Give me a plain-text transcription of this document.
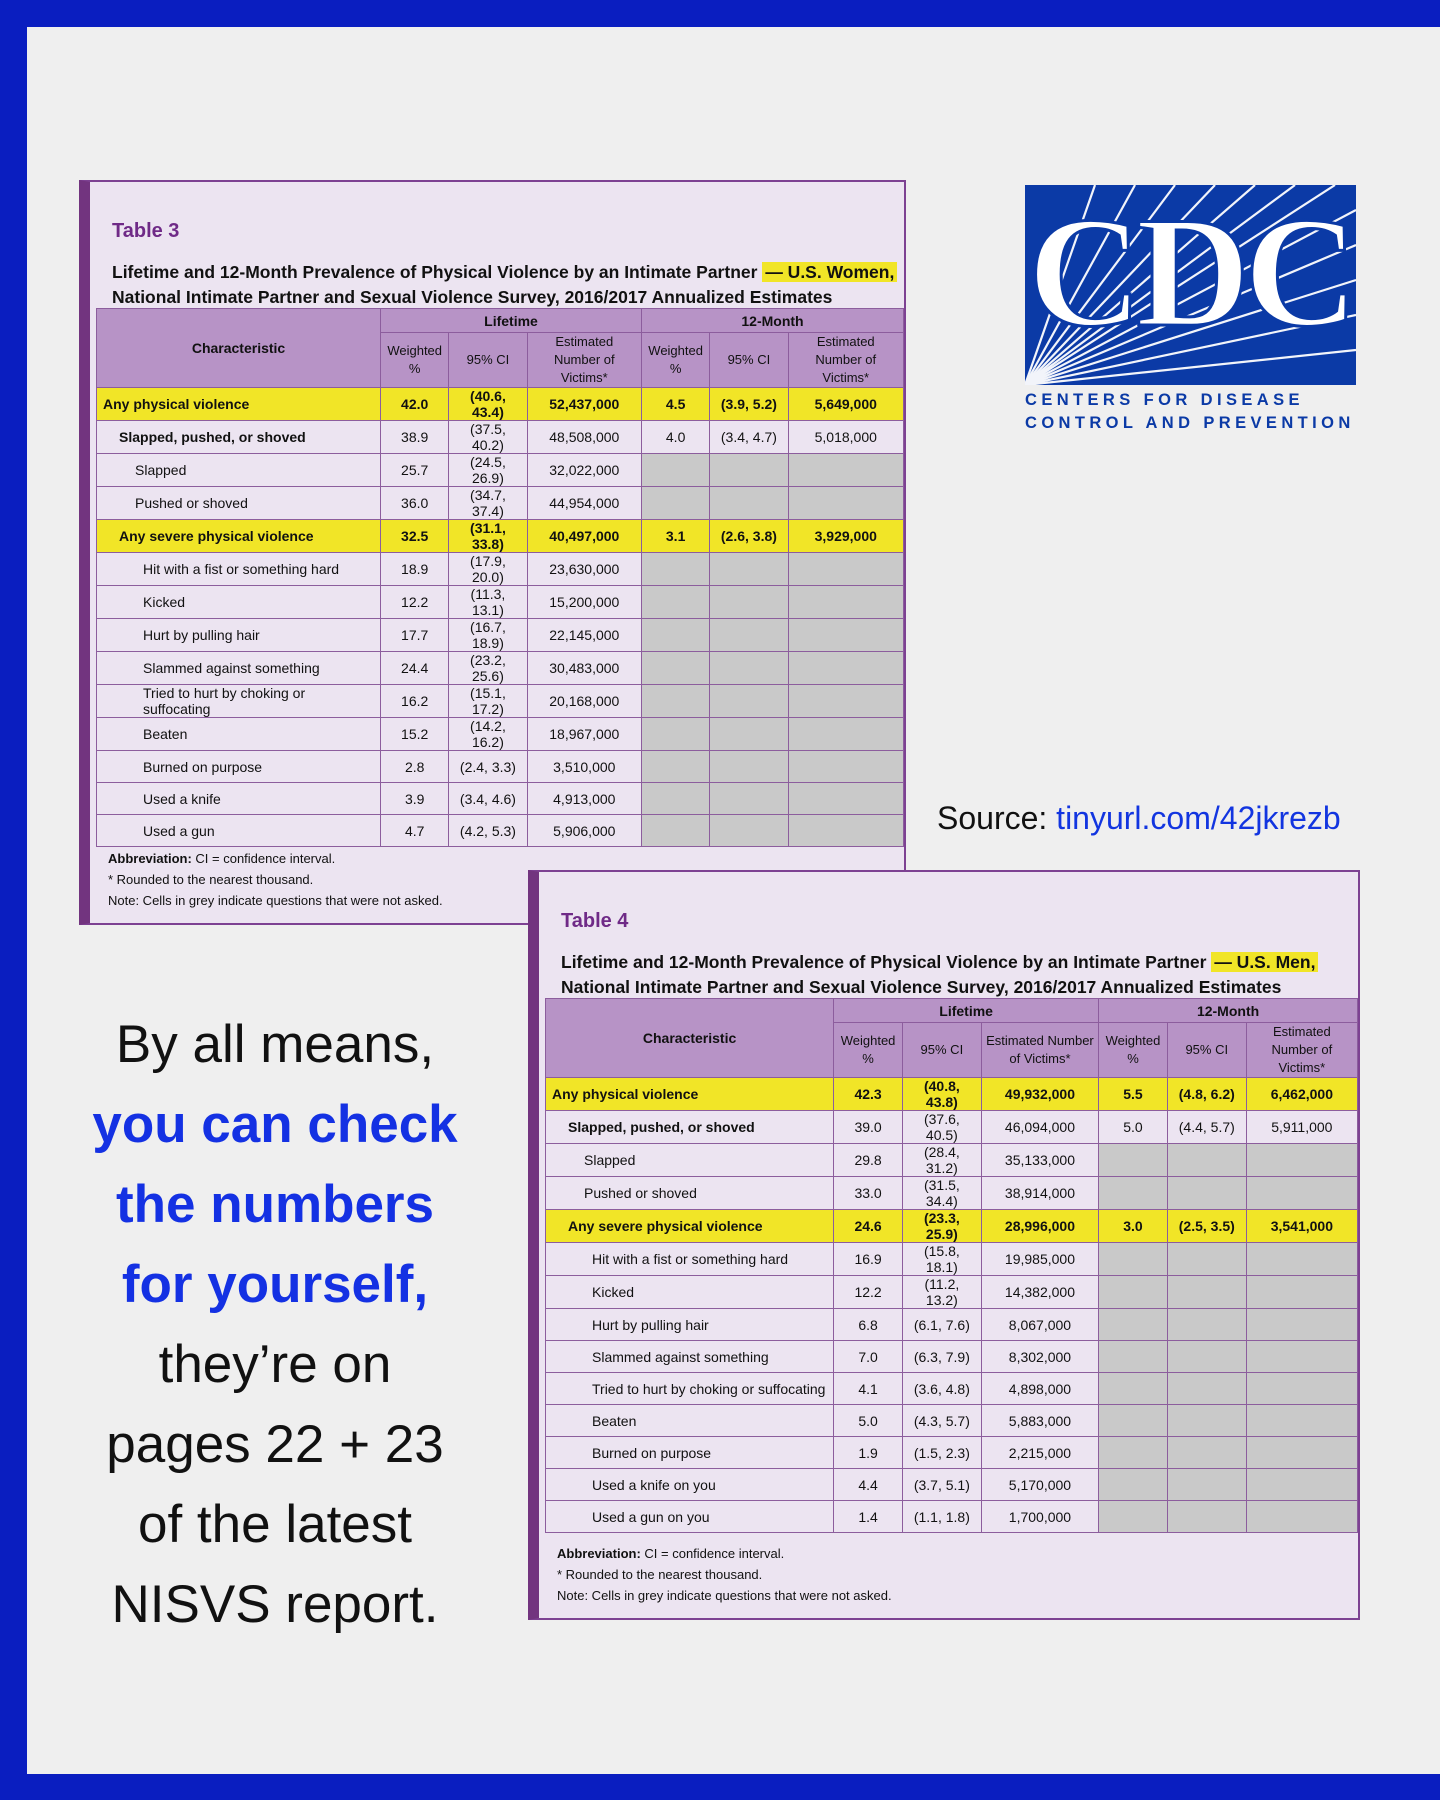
Table 3
Lifetime and 12-Month Prevalence of Physical Violence by an Intimate Partner — U.S. Women,
National Intimate Partner and Sexual Violence Survey, 2016/2017 Annualized Estimates
Characteristic	Lifetime			12-Month		
	Weighted %	95% CI	Estimated Number of Victims*	Weighted %	95% CI	Estimated Number of Victims*
Any physical violence	42.0	(40.6, 43.4)	52,437,000	4.5	(3.9, 5.2)	5,649,000
Slapped, pushed, or shoved	38.9	(37.5, 40.2)	48,508,000	4.0	(3.4, 4.7)	5,018,000
Slapped	25.7	(24.5, 26.9)	32,022,000			
Pushed or shoved	36.0	(34.7, 37.4)	44,954,000			
Any severe physical violence	32.5	(31.1, 33.8)	40,497,000	3.1	(2.6, 3.8)	3,929,000
Hit with a fist or something hard	18.9	(17.9, 20.0)	23,630,000			
Kicked	12.2	(11.3, 13.1)	15,200,000			
Hurt by pulling hair	17.7	(16.7, 18.9)	22,145,000			
Slammed against something	24.4	(23.2, 25.6)	30,483,000			
Tried to hurt by choking or suffocating	16.2	(15.1, 17.2)	20,168,000			
Beaten	15.2	(14.2, 16.2)	18,967,000			
Burned on purpose	2.8	(2.4, 3.3)	3,510,000			
Used a knife	3.9	(3.4, 4.6)	4,913,000			
Used a gun	4.7	(4.2, 5.3)	5,906,000			
Abbreviation: CI = confidence interval.
* Rounded to the nearest thousand.
Note: Cells in grey indicate questions that were not asked.
Table 4
Lifetime and 12-Month Prevalence of Physical Violence by an Intimate Partner — U.S. Men,
National Intimate Partner and Sexual Violence Survey, 2016/2017 Annualized Estimates
Characteristic	Lifetime			12-Month		
	Weighted %	95% CI	Estimated Number of Victims*	Weighted %	95% CI	Estimated Number of Victims*
Any physical violence	42.3	(40.8, 43.8)	49,932,000	5.5	(4.8, 6.2)	6,462,000
Slapped, pushed, or shoved	39.0	(37.6, 40.5)	46,094,000	5.0	(4.4, 5.7)	5,911,000
Slapped	29.8	(28.4, 31.2)	35,133,000			
Pushed or shoved	33.0	(31.5, 34.4)	38,914,000			
Any severe physical violence	24.6	(23.3, 25.9)	28,996,000	3.0	(2.5, 3.5)	3,541,000
Hit with a fist or something hard	16.9	(15.8, 18.1)	19,985,000			
Kicked	12.2	(11.2, 13.2)	14,382,000			
Hurt by pulling hair	6.8	(6.1, 7.6)	8,067,000			
Slammed against something	7.0	(6.3, 7.9)	8,302,000			
Tried to hurt by choking or suffocating	4.1	(3.6, 4.8)	4,898,000			
Beaten	5.0	(4.3, 5.7)	5,883,000			
Burned on purpose	1.9	(1.5, 2.3)	2,215,000			
Used a knife on you	4.4	(3.7, 5.1)	5,170,000			
Used a gun on you	1.4	(1.1, 1.8)	1,700,000			
Abbreviation: CI = confidence interval.
* Rounded to the nearest thousand.
Note: Cells in grey indicate questions that were not asked.
CDC
CENTERS FOR DISEASE
CONTROL AND PREVENTION
Source: tinyurl.com/42jkrezb
By all means,
you can check
the numbers
for yourself,
they’re on
pages 22 + 23
of the latest
NISVS report.
